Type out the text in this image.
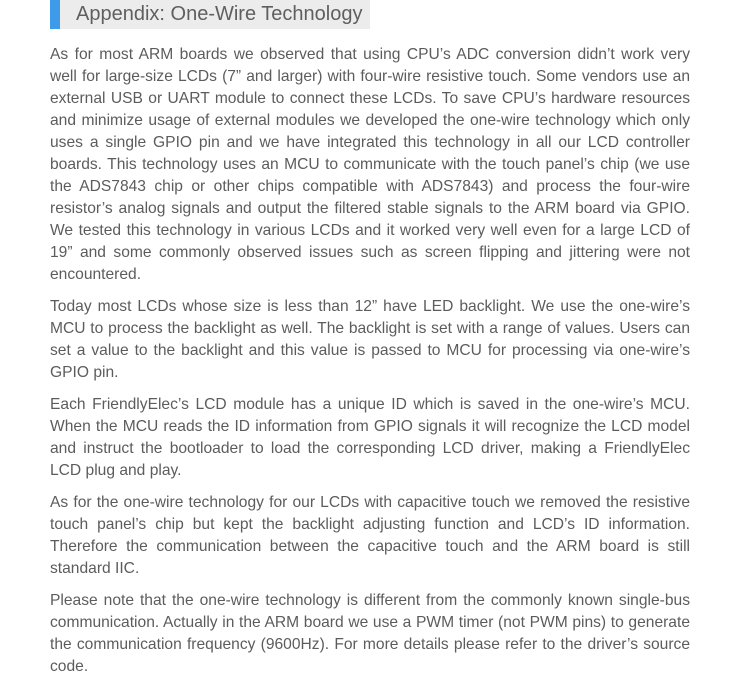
Appendix: One-Wire Technology

As for most ARM boards we observed that using CPU’s ADC conversion didn’t work very well for large-size LCDs (7” and larger) with four-wire resistive touch. Some vendors use an external USB or UART module to connect these LCDs. To save CPU’s hardware resources and minimize usage of external modules we developed the one-wire technology which only uses a single GPIO pin and we have integrated this technology in all our LCD controller boards. This technology uses an MCU to communicate with the touch panel’s chip (we use the ADS7843 chip or other chips compatible with ADS7843) and process the four-wire resistor’s analog signals and output the filtered stable signals to the ARM board via GPIO. We tested this technology in various LCDs and it worked very well even for a large LCD of 19” and some commonly observed issues such as screen flipping and jittering were not encountered.

Today most LCDs whose size is less than 12” have LED backlight. We use the one-wire’s MCU to process the backlight as well. The backlight is set with a range of values. Users can set a value to the backlight and this value is passed to MCU for processing via one-wire’s GPIO pin.

Each FriendlyElec’s LCD module has a unique ID which is saved in the one-wire’s MCU. When the MCU reads the ID information from GPIO signals it will recognize the LCD model and instruct the bootloader to load the corresponding LCD driver, making a FriendlyElec LCD plug and play.

As for the one-wire technology for our LCDs with capacitive touch we removed the resistive touch panel’s chip but kept the backlight adjusting function and LCD’s ID information. Therefore the communication between the capacitive touch and the ARM board is still standard IIC.

Please note that the one-wire technology is different from the commonly known single-bus communication. Actually in the ARM board we use a PWM timer (not PWM pins) to generate the communication frequency (9600Hz). For more details please refer to the driver’s source code.
